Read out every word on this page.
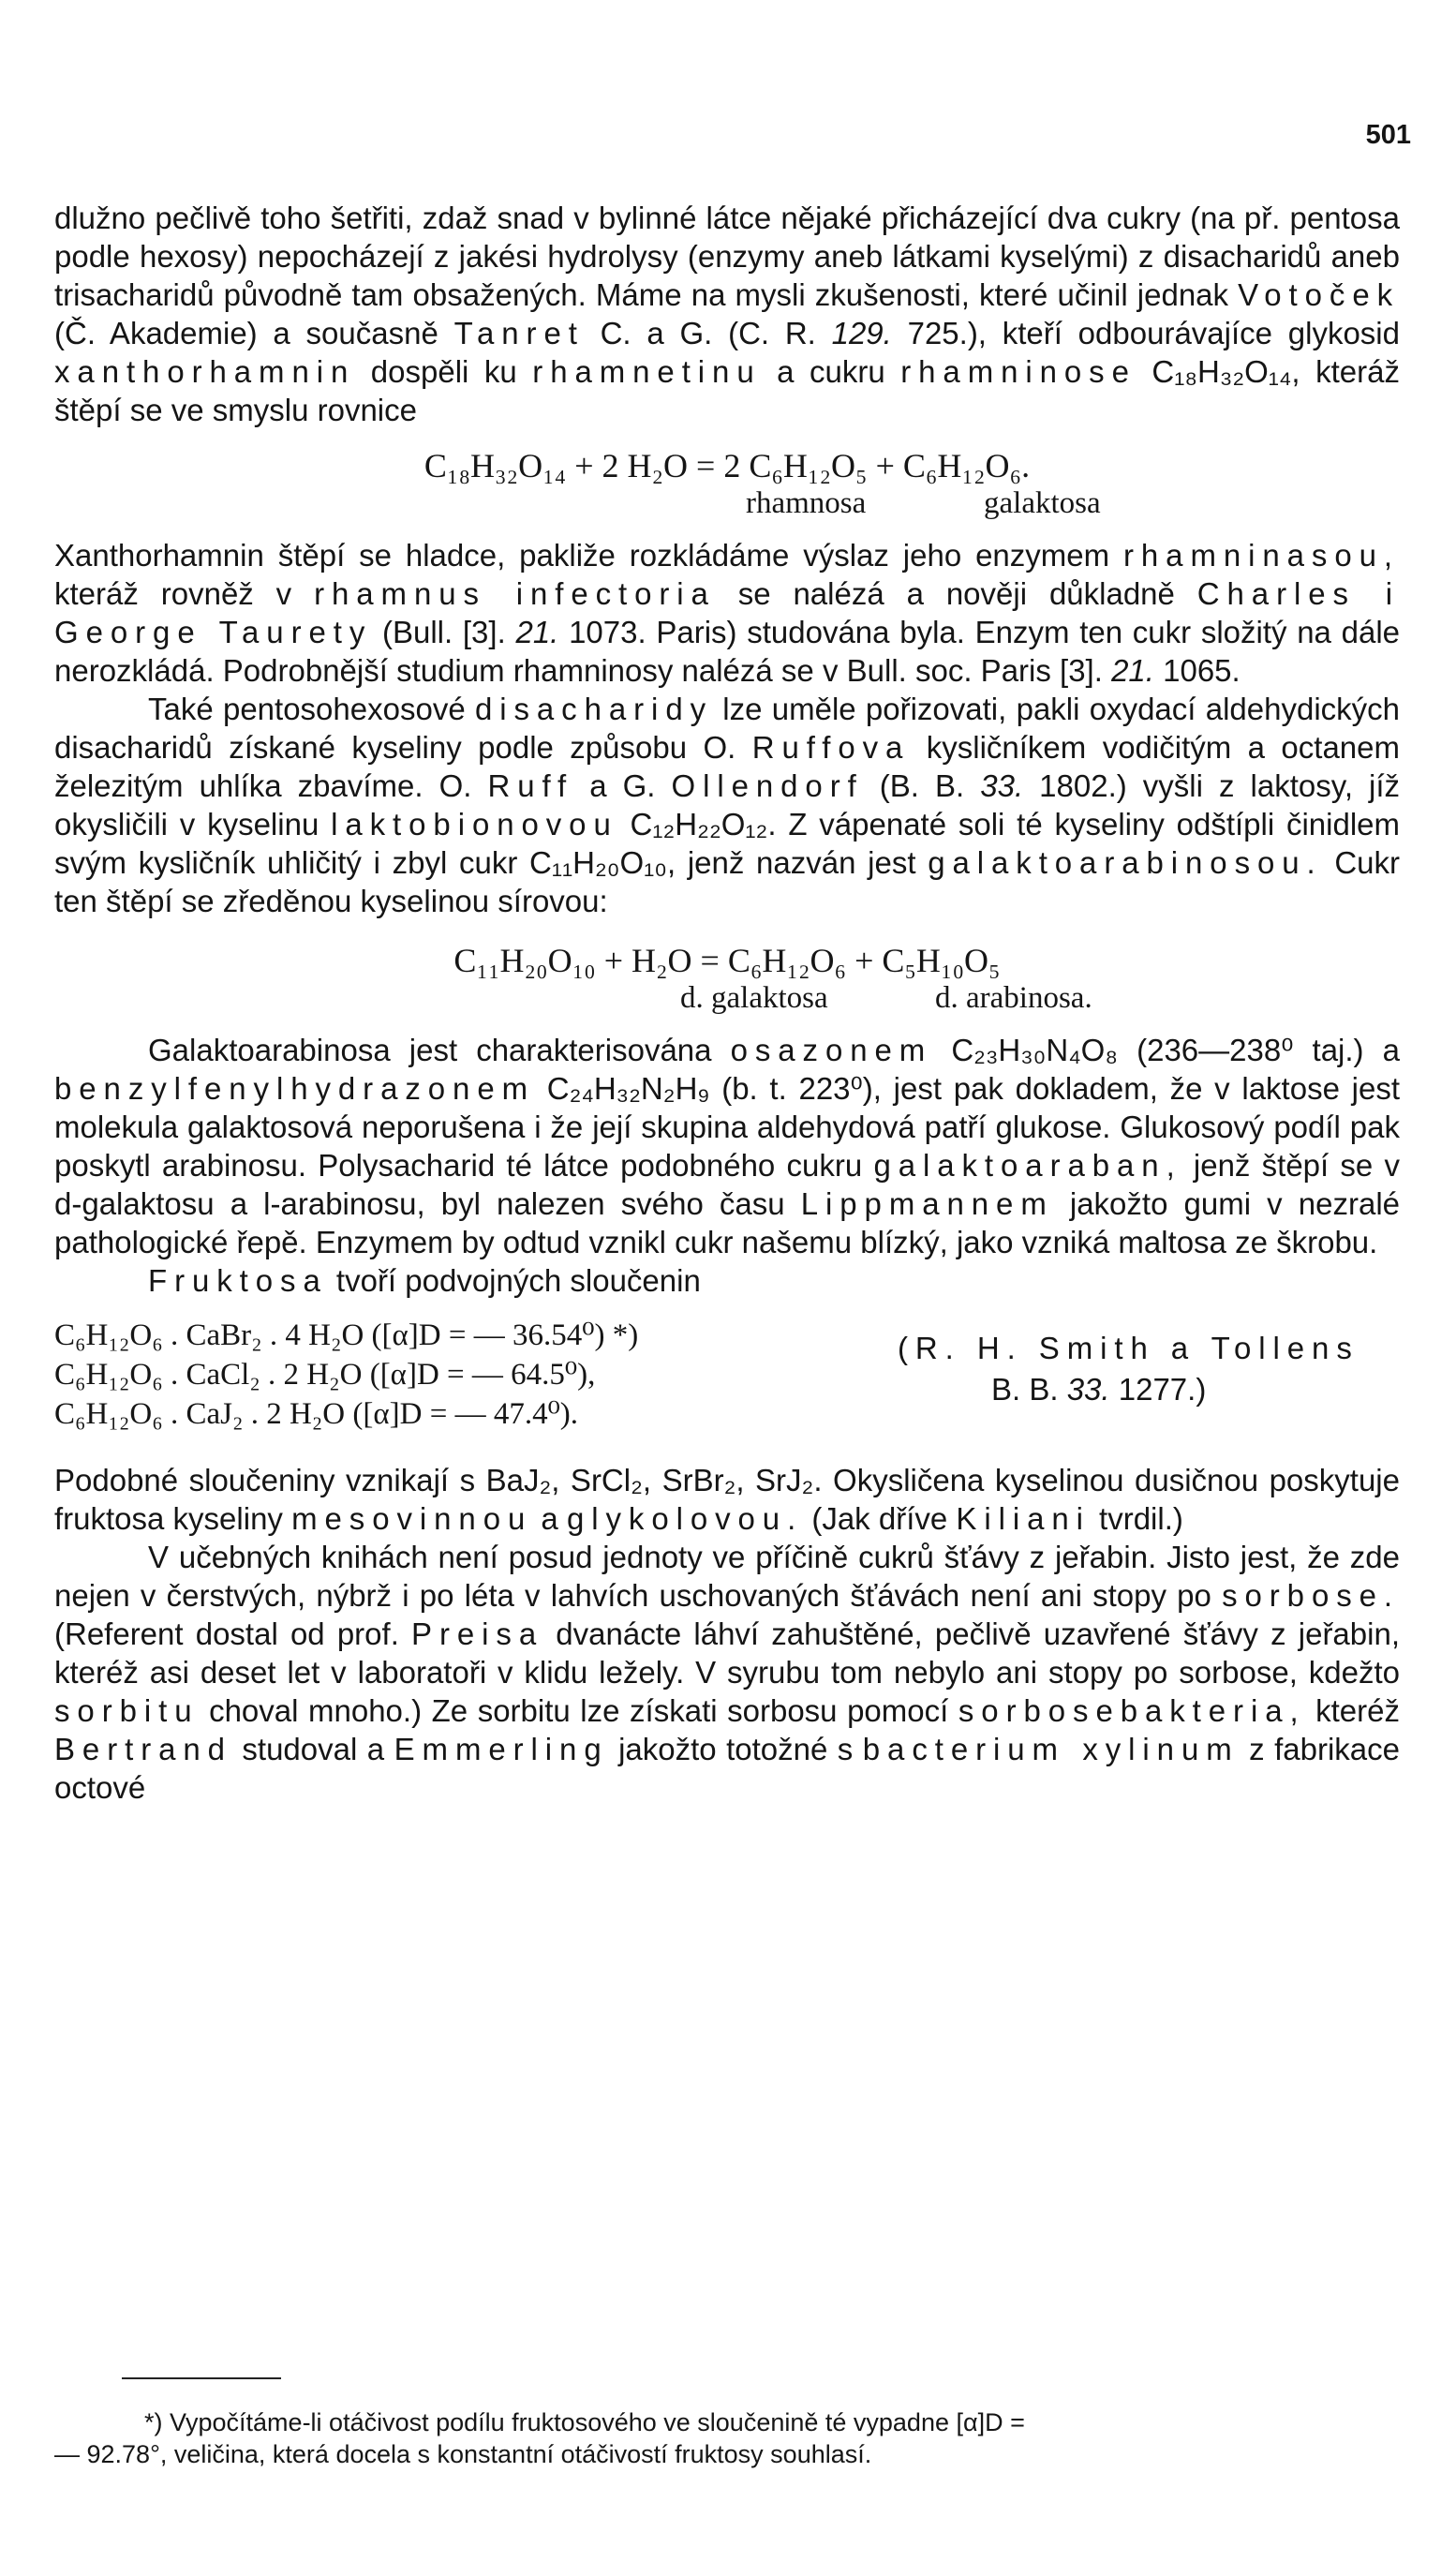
501

dlužno pečlivě toho šetřiti, zdaž snad v bylinné látce nějaké přicházející dva cukry (na př. pentosa podle hexosy) nepocházejí z jakési hydrolysy (enzymy aneb látkami kyselými) z disacharidů aneb trisacharidů původně tam obsažených. Máme na mysli zkušenosti, které učinil jednak Votoček (Č. Akademie) a současně Tanret C. a G. (C. R. 129. 725.), kteří odbourávajíce glykosid xanthorhamnin dospěli ku rhamnetinu a cukru rhamninose C₁₈H₃₂O₁₄, kteráž štěpí se ve smyslu rovnice

C₁₈H₃₂O₁₄ + 2 H₂O = 2 C₆H₁₂O₅ + C₆H₁₂O₆.
rhamnosa	galaktosa

Xanthorhamnin štěpí se hladce, pakliže rozkládáme výslaz jeho enzymem rhamninasou, kteráž rovněž v rhamnus infectoria se nalézá a nověji důkladně Charles i George Taurety (Bull. [3]. 21. 1073. Paris) studována byla. Enzym ten cukr složitý na dále nerozkládá. Podrobnější studium rhamninosy nalézá se v Bull. soc. Paris [3]. 21. 1065.

Také pentosohexosové disacharidy lze uměle pořizovati, pakli oxydací aldehydických disacharidů získané kyseliny podle způsobu O. Ruffova kysličníkem vodičitým a octanem železitým uhlíka zbavíme. O. Ruff a G. Ollendorf (B. B. 33. 1802.) vyšli z laktosy, jíž okysličili v kyselinu laktobionovou C₁₂H₂₂O₁₂. Z vápenaté soli té kyseliny odštípli činidlem svým kysličník uhličitý i zbyl cukr C₁₁H₂₀O₁₀, jenž nazván jest galaktoarabinosou. Cukr ten štěpí se zředěnou kyselinou sírovou:

C₁₁H₂₀O₁₀ + H₂O = C₆H₁₂O₆ + C₅H₁₀O₅
d. galaktosa	d. arabinosa.

Galaktoarabinosa jest charakterisována osazonem C₂₃H₃₀N₄O₈ (236—238⁰ taj.) a benzylfenylhydrazonem C₂₄H₃₂N₂H₉ (b. t. 223⁰), jest pak dokladem, že v laktose jest molekula galaktosová neporušena i že její skupina aldehydová patří glukose. Glukosový podíl pak poskytl arabinosu. Polysacharid té látce podobného cukru galaktoaraban, jenž štěpí se v d-galaktosu a l-arabinosu, byl nalezen svého času Lippmannem jakožto gumi v nezralé pathologické řepě. Enzymem by odtud vznikl cukr našemu blízký, jako vzniká maltosa ze škrobu.

Fruktosa tvoří podvojných sloučenin

C₆H₁₂O₆ . CaBr₂ . 4 H₂O ([α]D = — 36.54⁰) *)
C₆H₁₂O₆ . CaCl₂ . 2 H₂O ([α]D = — 64.5⁰),
C₆H₁₂O₆ . CaJ₂ . 2 H₂O ([α]D = — 47.4⁰).
(R. H. Smith a Tollens
B. B. 33. 1277.)

Podobné sloučeniny vznikají s BaJ₂, SrCl₂, SrBr₂, SrJ₂. Okysličena kyselinou dusičnou poskytuje fruktosa kyseliny mesovinnou a glykolovou. (Jak dříve Kiliani tvrdil.)

V učebných knihách není posud jednoty ve příčině cukrů šťávy z jeřabin. Jisto jest, že zde nejen v čerstvých, nýbrž i po léta v lahvích uschovaných šťávách není ani stopy po sorbose. (Referent dostal od prof. Preisa dvanácte láhví zahuštěné, pečlivě uzavřené šťávy z jeřabin, kteréž asi deset let v laboratoři v klidu ležely. V syrubu tom nebylo ani stopy po sorbose, kdežto sorbitu choval mnoho.) Ze sorbitu lze získati sorbosu pomocí sorbosebakteria, kteréž Bertrand studoval a Emmerling jakožto totožné s bacterium xylinum z fabrikace octové

*) Vypočítáme-li otáčivost podílu fruktosového ve sloučenině té vypadne [α]D =
— 92.78°, veličina, která docela s konstantní otáčivostí fruktosy souhlasí.
